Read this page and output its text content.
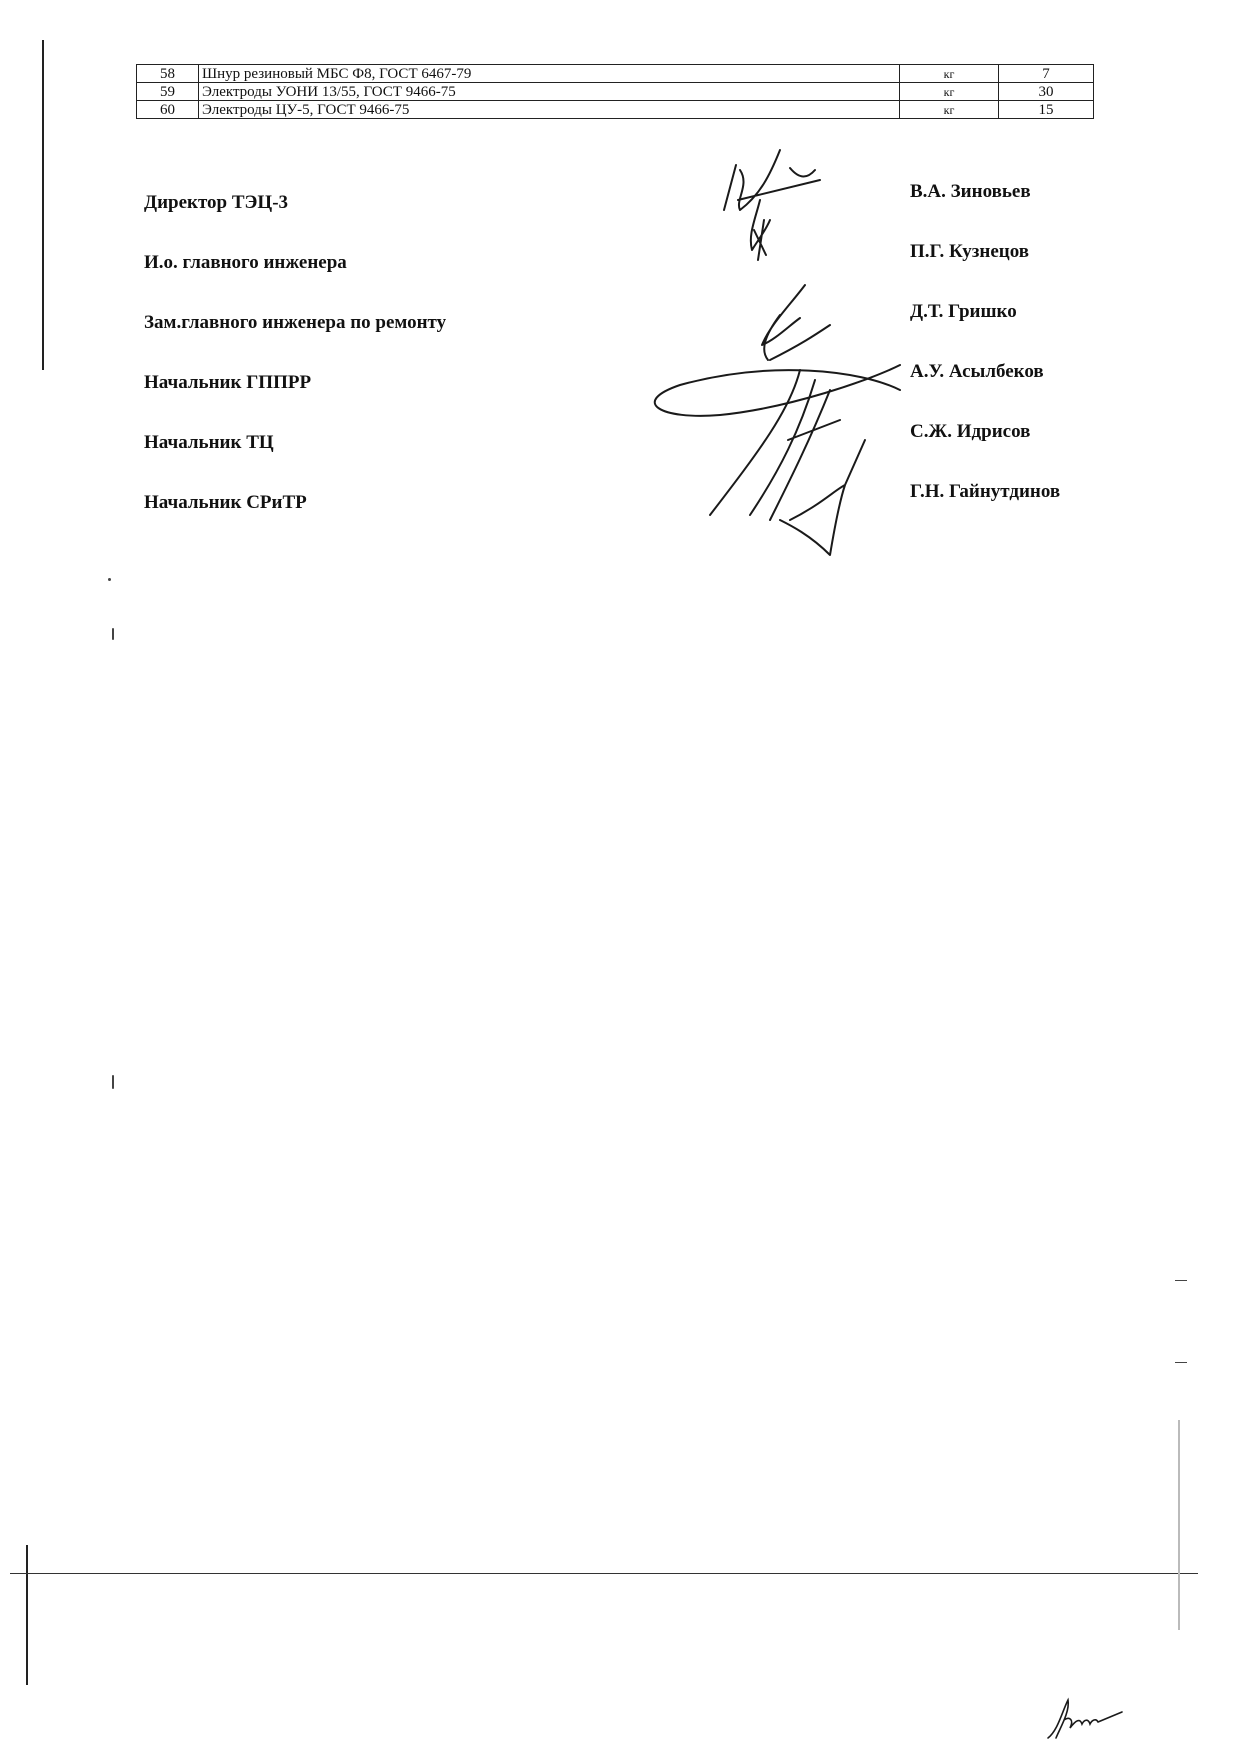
58	Шнур резиновый МБС Ф8, ГОСТ 6467-79	кг	7
59	Электроды УОНИ 13/55, ГОСТ 9466-75	кг	30
60	Электроды ЦУ-5, ГОСТ 9466-75	кг	15
Директор ТЭЦ-3
В.А. Зиновьев
И.о. главного инженера
П.Г. Кузнецов
Зам.главного инженера по ремонту
Д.Т. Гришко
Начальник ГППРР
А.У. Асылбеков
Начальник ТЦ
С.Ж. Идрисов
Начальник СРиТР
Г.Н. Гайнутдинов
